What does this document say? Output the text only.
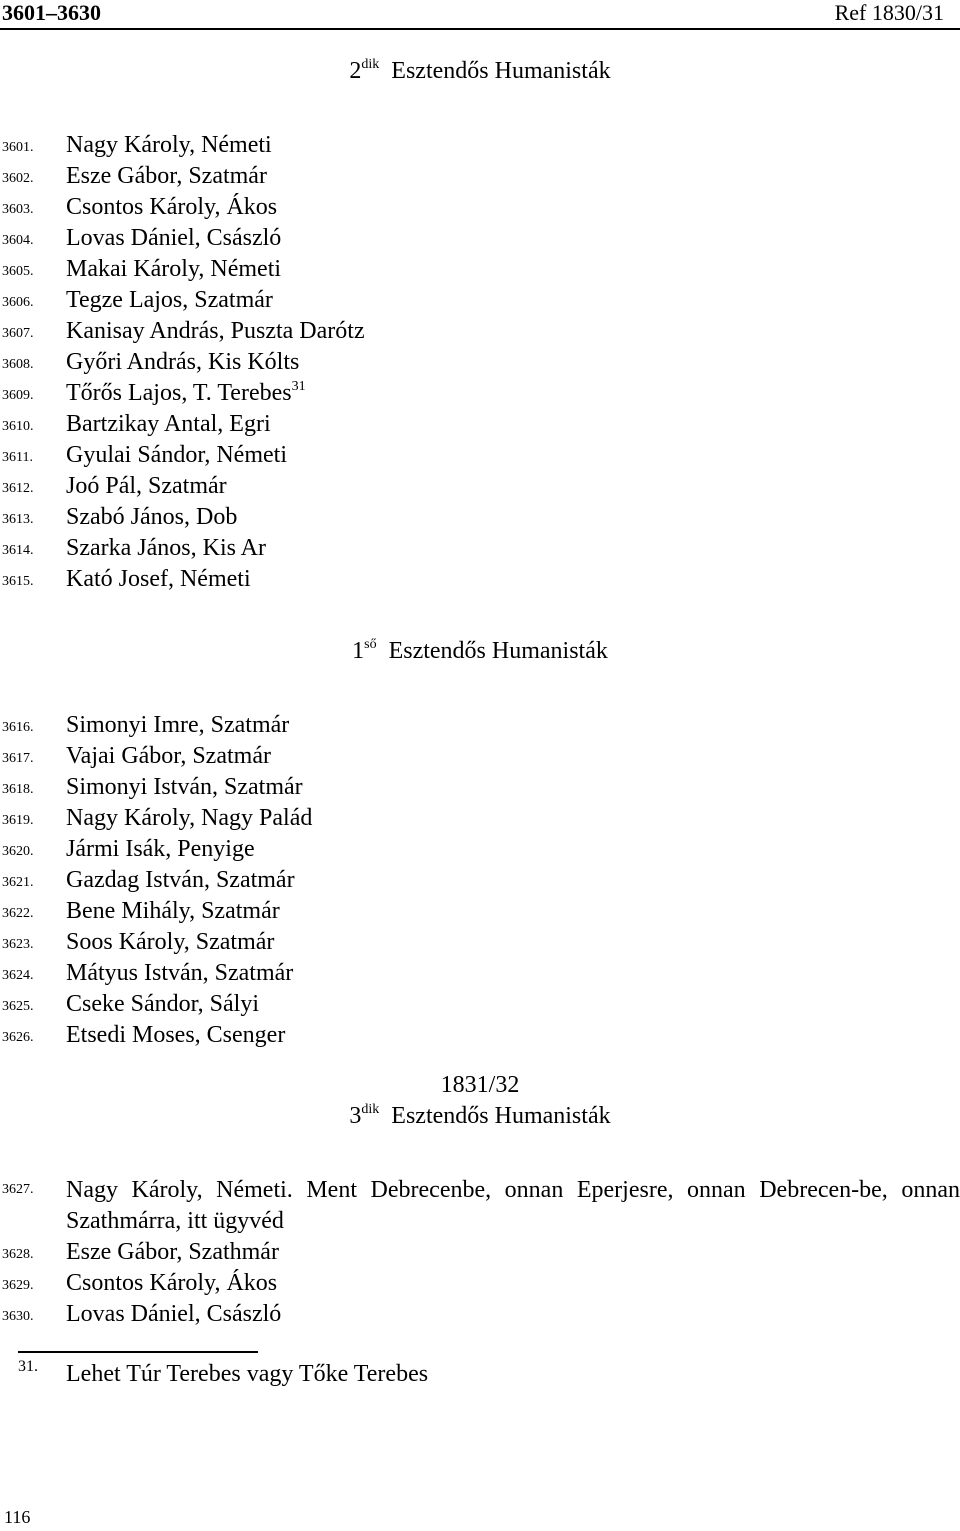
3601–3630	Ref 1830/31
$2^{dik}$ Esztendős Humanisták
3601. Nagy Károly, Németi
3602. Esze Gábor, Szatmár
3603. Csontos Károly, Ákos
3604. Lovas Dániel, Császló
3605. Makai Károly, Németi
3606. Tegze Lajos, Szatmár
3607. Kanisay András, Puszta Darótz
3608. Győri András, Kis Kólts
3609. Tőrős Lajos, T. Terebes$^{31}$
3610. Bartzikay Antal, Egri
3611. Gyulai Sándor, Németi
3612. Joó Pál, Szatmár
3613. Szabó János, Dob
3614. Szarka János, Kis Ar
3615. Kató Josef, Németi
$1^{ső}$ Esztendős Humanisták
3616. Simonyi Imre, Szatmár
3617. Vajai Gábor, Szatmár
3618. Simonyi István, Szatmár
3619. Nagy Károly, Nagy Palád
3620. Jármi Isák, Penyige
3621. Gazdag István, Szatmár
3622. Bene Mihály, Szatmár
3623. Soos Károly, Szatmár
3624. Mátyus István, Szatmár
3625. Cseke Sándor, Sályi
3626. Etsedi Moses, Csenger
1831/32
$3^{dik}$ Esztendős Humanisták
3627. Nagy Károly, Németi. Ment Debrecenbe, onnan Eperjesre, onnan Debrecen-be, onnan Szathmárra, itt ügyvéd
3628. Esze Gábor, Szathmár
3629. Csontos Károly, Ákos
3630. Lovas Dániel, Császló
31. Lehet Túr Terebes vagy Tőke Terebes
116
